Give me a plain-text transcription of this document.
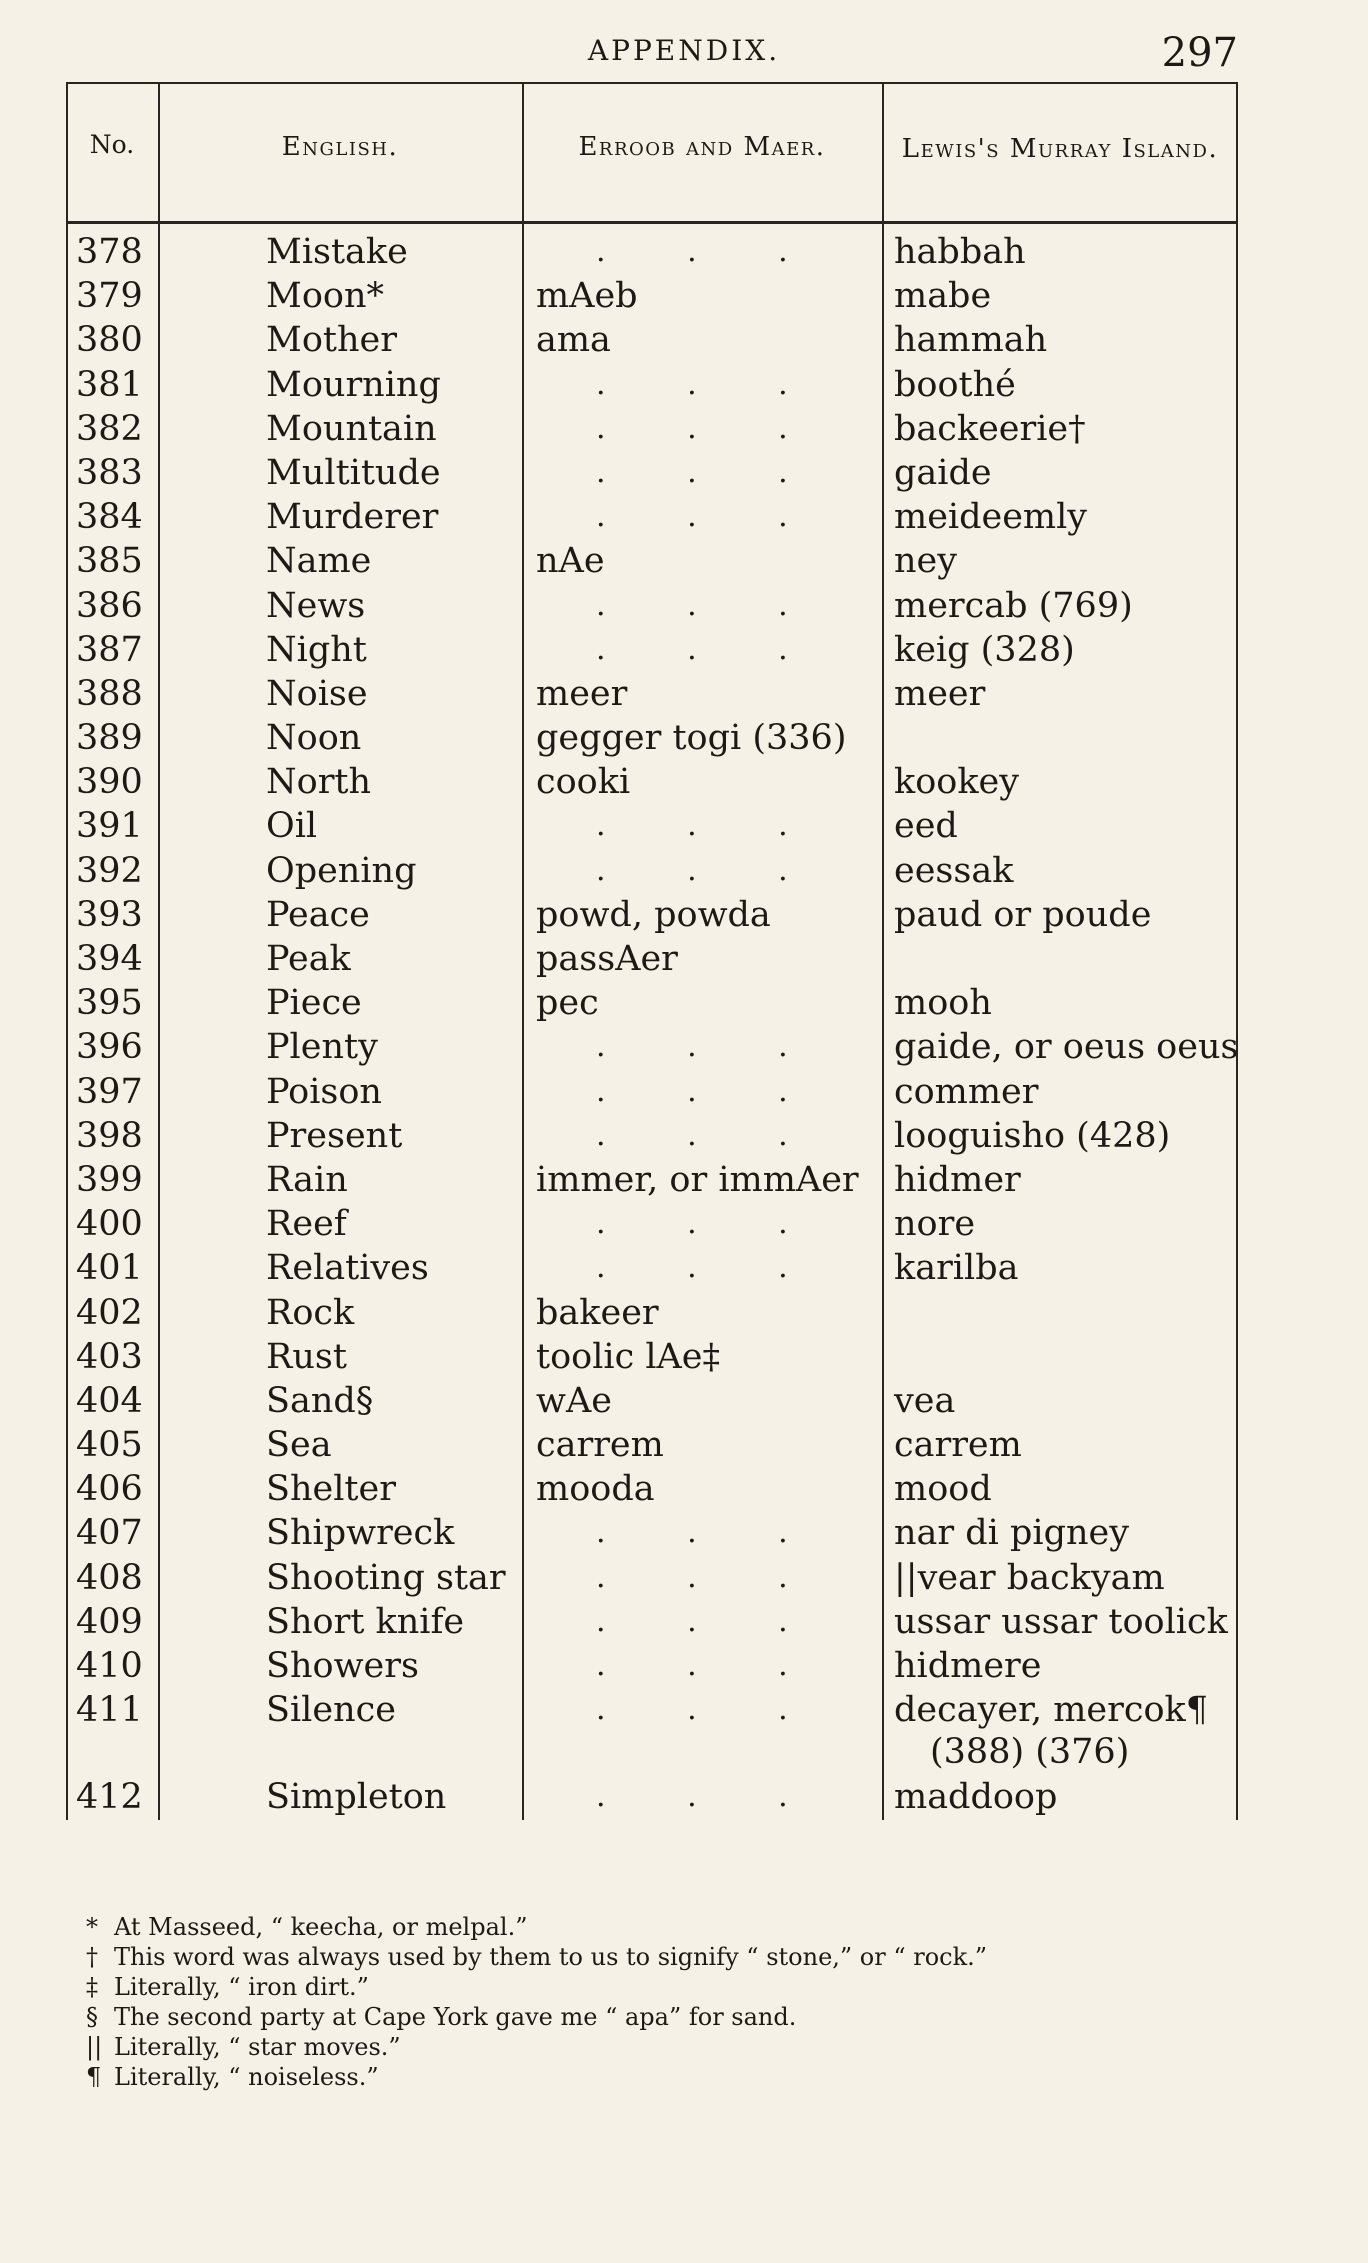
APPENDIX.	297
No.	English.	Erroob and Maer.	Lewis's Murray Island.
378	Mistake	. . .	habbah
379	Moon*	mAeb	mabe
380	Mother	ama	hammah
381	Mourning	. . .	boothé
382	Mountain	. . .	backeerie†
383	Multitude	. . .	gaide
384	Murderer	. . .	meideemly
385	Name	nAe	ney
386	News	. . .	mercab (769)
387	Night	. . .	keig (328)
388	Noise	meer	meer
389	Noon	gegger togi (336)
390	North	cooki	kookey
391	Oil	. . .	eed
392	Opening	. . .	eessak
393	Peace	powd, powda	paud or poude
394	Peak	passAer
395	Piece	pec	mooh
396	Plenty	. . .	gaide, or oeus oeus
397	Poison	. . .	commer
398	Present	. . .	looguisho (428)
399	Rain	immer, or immAer	hidmer
400	Reef	. . .	nore
401	Relatives	. . .	karilba
402	Rock	bakeer
403	Rust	toolic lAe‡
404	Sand§	wAe	vea
405	Sea	carrem	carrem
406	Shelter	mooda	mood
407	Shipwreck	. . .	nar di pigney
408	Shooting star	. . .	||vear backyam
409	Short knife	. . .	ussar ussar toolick
410	Showers	. . .	hidmere
411	Silence	. . .	decayer, mercok¶
(388) (376)
412	Simpleton	. . .	maddoop
* At Masseed, “ keecha, or melpal.”
† This word was always used by them to us to signify “ stone,” or “ rock.”
‡ Literally, “ iron dirt.”
§ The second party at Cape York gave me “ apa” for sand.
|| Literally, “ star moves.”
¶ Literally, “ noiseless.”
